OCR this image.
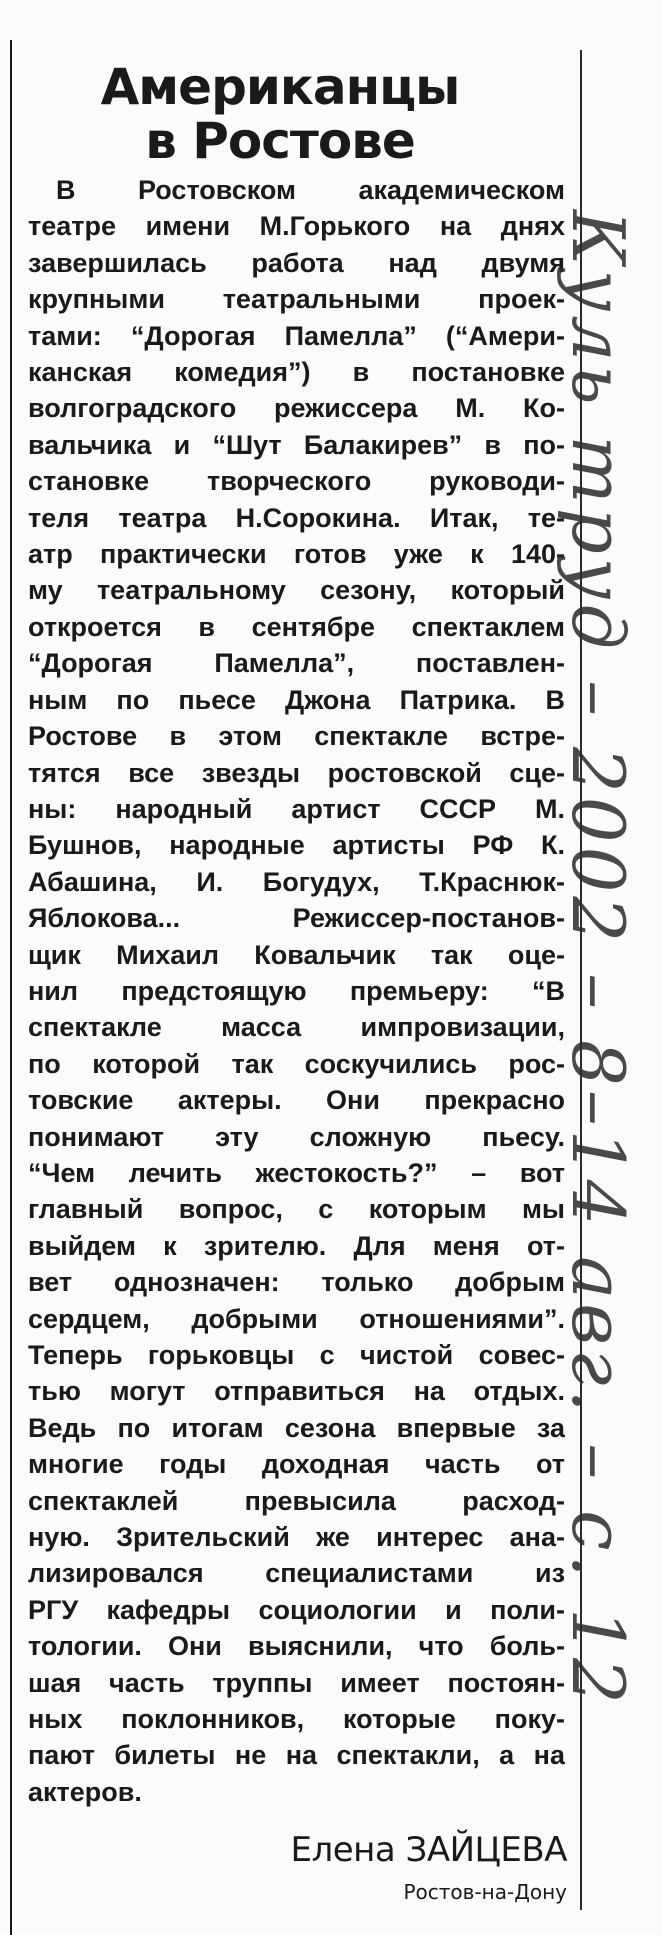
Американцы
в Ростове
В Ростовском академическом
театре имени М.Горького на днях
завершилась работа над двумя
крупными театральными проек-
тами: “Дорогая Памелла” (“Амери-
канская комедия”) в постановке
волгоградского режиссера М. Ко-
вальчика и “Шут Балакирев” в по-
становке творческого руководи-
теля театра Н.Сорокина. Итак, те-
атр практически готов уже к 140-
му театральному сезону, который
откроется в сентябре спектаклем
“Дорогая Памелла”, поставлен-
ным по пьесе Джона Патрика. В
Ростове в этом спектакле встре-
тятся все звезды ростовской сце-
ны: народный артист СССР М.
Бушнов, народные артисты РФ К.
Абашина, И. Богудух, Т.Краснюк-
Яблокова... Режиссер-постанов-
щик Михаил Ковальчик так оце-
нил предстоящую премьеру: “В
спектакле масса импровизации,
по которой так соскучились рос-
товские актеры. Они прекрасно
понимают эту сложную пьесу.
“Чем лечить жестокость?” – вот
главный вопрос, с которым мы
выйдем к зрителю. Для меня от-
вет однозначен: только добрым
сердцем, добрыми отношениями”.
Теперь горьковцы с чистой совес-
тью могут отправиться на отдых.
Ведь по итогам сезона впервые за
многие годы доходная часть от
спектаклей превысила расход-
ную. Зрительский же интерес ана-
лизировался специалистами из
РГУ кафедры социологии и поли-
тологии. Они выяснили, что боль-
шая часть труппы имеет постоян-
ных поклонников, которые поку-
пают билеты не на спектакли, а на
актеров.
Елена ЗАЙЦЕВА
Ростов-на-Дону
Куль труд – 2002 – 8–14 авг. – с. 12
